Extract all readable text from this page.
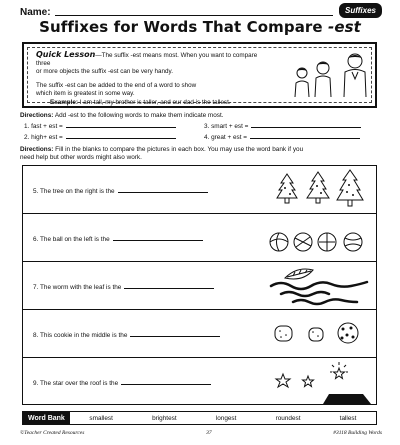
Name:	Suffixes
Suffixes for Words That Compare -est
Quick Lesson—The suffix -est means most. When you want to compare three
or more objects the suffix -est can be very handy.
The suffix -est can be added to the end of a word to show
which item is greatest in some way.
Example: I am tall, my brother is taller, and our dad is the tallest.
Directions: Add -est to the following words to make them indicate most.
1. fast + est =
2. high+ est =
3. smart + est =
4. great + est =
Directions: Fill in the blanks to compare the pictures in each box. You may use the word bank if you
need help but other words might also work.
5. The tree on the right is the
6. The ball on the left is the
7. The worm with the leaf is the
8. This cookie in the middle is the
9. The star over the roof is the
Word Bank	smallest	brightest	longest	roundest	tallest
©Teacher Created Resources	37	#3118 Building Words
